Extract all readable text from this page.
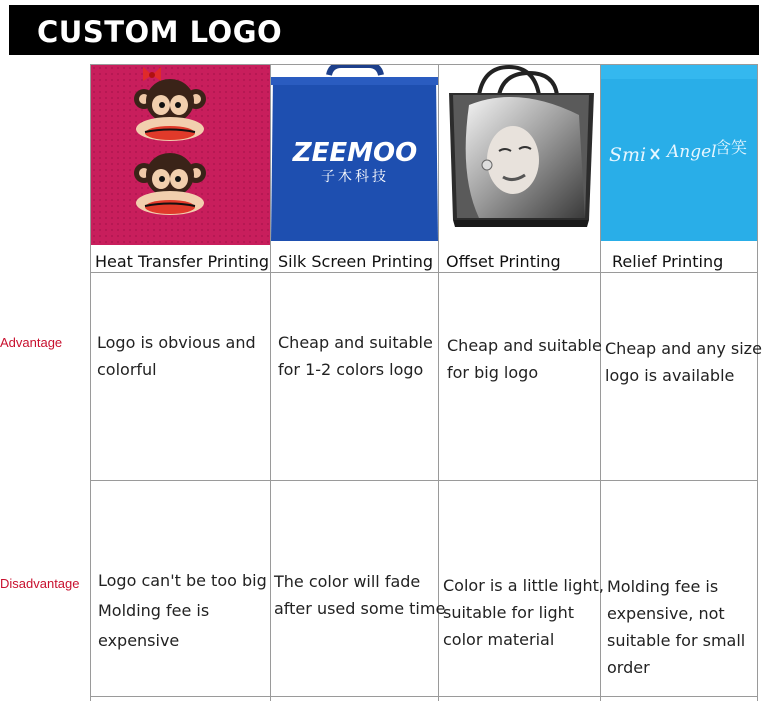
CUSTOM LOGO
Advantage
Disadvantage
ZEEMOO
子木科技
Smi Angel
含笑
Heat Transfer Printing Silk Screen Printing Offset Printing	Relief Printing
Logo is obvious and
colorful
Cheap and suitable
for 1-2 colors logo
Cheap and suitable
for big logo
Cheap and any size
logo is available
Logo can't be too big
Molding fee is
expensive
The color will fade
after used some time
Color is a little light,
suitable for light
color material
Molding fee is
expensive, not
suitable for small
order
